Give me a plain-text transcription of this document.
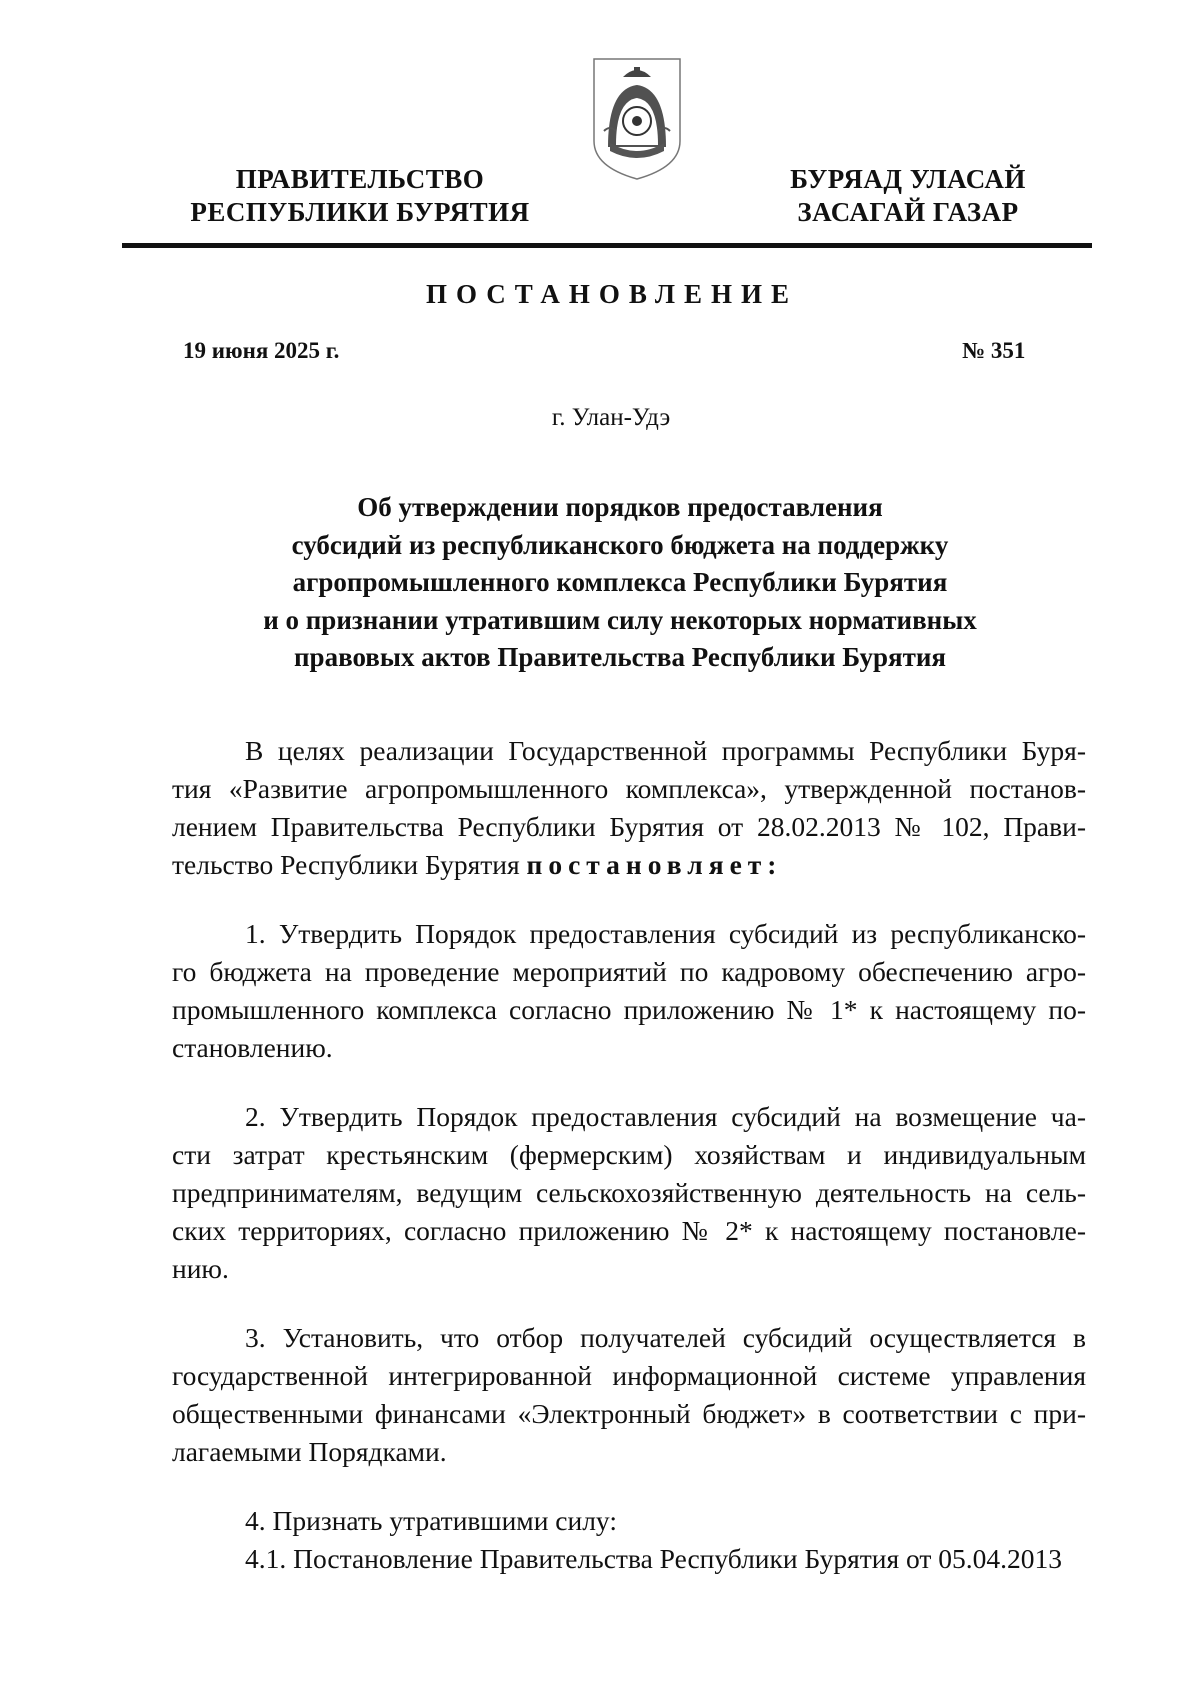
ПРАВИТЕЛЬСТВО
РЕСПУБЛИКИ БУРЯТИЯ
БУРЯАД УЛАСАЙ
ЗАСАГАЙ ГАЗАР
ПОСТАНОВЛЕНИЕ
19 июня 2025 г.	№ 351
г. Улан-Удэ
Об утверждении порядков предоставления
субсидий из республиканского бюджета на поддержку
агропромышленного комплекса Республики Бурятия
и о признании утратившим силу некоторых нормативных
правовых актов Правительства Республики Бурятия
В целях реализации Государственной программы Республики Буря-
тия «Развитие агропромышленного комплекса», утвержденной постанов-
лением Правительства Республики Бурятия от 28.02.2013 № 102, Прави-
тельство Республики Бурятия постановляет:
1. Утвердить Порядок предоставления субсидий из республиканско-
го бюджета на проведение мероприятий по кадровому обеспечению агро-
промышленного комплекса согласно приложению № 1* к настоящему по-
становлению.
2. Утвердить Порядок предоставления субсидий на возмещение ча-
сти затрат крестьянским (фермерским) хозяйствам и индивидуальным
предпринимателям, ведущим сельскохозяйственную деятельность на сель-
ских территориях, согласно приложению № 2* к настоящему постановле-
нию.
3. Установить, что отбор получателей субсидий осуществляется в
государственной интегрированной информационной системе управления
общественными финансами «Электронный бюджет» в соответствии с при-
лагаемыми Порядками.
4. Признать утратившими силу:
4.1. Постановление Правительства Республики Бурятия от 05.04.2013
